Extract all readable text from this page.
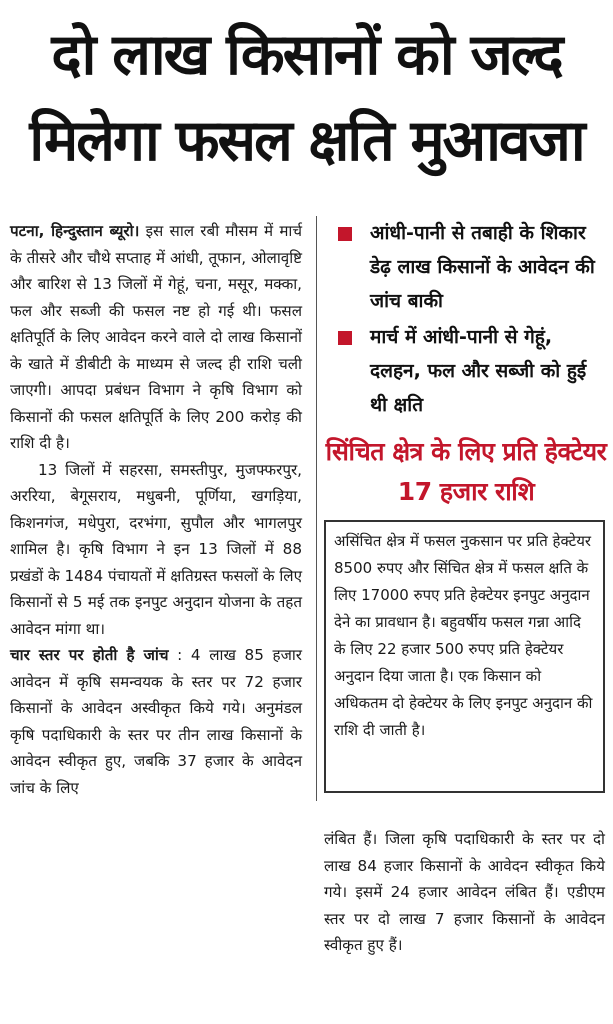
दो लाख किसानों को जल्द
मिलेगा फसल क्षति मुआवजा

पटना, हिन्दुस्तान ब्यूरो। इस साल रबी मौसम में मार्च के तीसरे और चौथे सप्ताह में आंधी, तूफान, ओलावृष्टि और बारिश से 13 जिलों में गेहूं, चना, मसूर, मक्का, फल और सब्जी की फसल नष्ट हो गई थी। फसल क्षतिपूर्ति के लिए आवेदन करने वाले दो लाख किसानों के खाते में डीबीटी के माध्यम से जल्द ही राशि चली जाएगी। आपदा प्रबंधन विभाग ने कृषि विभाग को किसानों की फसल क्षतिपूर्ति के लिए 200 करोड़ की राशि दी है।

13 जिलों में सहरसा, समस्तीपुर, मुजफ्फरपुर, अररिया, बेगूसराय, मधुबनी, पूर्णिया, खगड़िया, किशनगंज, मधेपुरा, दरभंगा, सुपौल और भागलपुर शामिल है। कृषि विभाग ने इन 13 जिलों में 88 प्रखंडों के 1484 पंचायतों में क्षतिग्रस्त फसलों के लिए किसानों से 5 मई तक इनपुट अनुदान योजना के तहत आवेदन मांगा था।

चार स्तर पर होती है जांच : 4 लाख 85 हजार आवेदन में कृषि समन्वयक के स्तर पर 72 हजार किसानों के आवेदन अस्वीकृत किये गये। अनुमंडल कृषि पदाधिकारी के स्तर पर तीन लाख किसानों के आवेदन स्वीकृत हुए, जबकि 37 हजार के आवेदन जांच के लिए

आंधी-पानी से तबाही के शिकार डेढ़ लाख किसानों के आवेदन की जांच बाकी
मार्च में आंधी-पानी से गेहूं, दलहन, फल और सब्जी को हुई थी क्षति
सिंचित क्षेत्र के लिए प्रति हेक्टेयर 17 हजार राशि
असिंचित क्षेत्र में फसल नुकसान पर प्रति हेक्टेयर 8500 रुपए और सिंचित क्षेत्र में फसल क्षति के लिए 17000 रुपए प्रति हेक्टेयर इनपुट अनुदान देने का प्रावधान है। बहुवर्षीय फसल गन्ना आदि के लिए 22 हजार 500 रुपए प्रति हेक्टेयर अनुदान दिया जाता है। एक किसान को अधिकतम दो हेक्टेयर के लिए इनपुट अनुदान की राशि दी जाती है।

लंबित हैं। जिला कृषि पदाधिकारी के स्तर पर दो लाख 84 हजार किसानों के आवेदन स्वीकृत किये गये। इसमें 24 हजार आवेदन लंबित हैं। एडीएम स्तर पर दो लाख 7 हजार किसानों के आवेदन स्वीकृत हुए हैं।
